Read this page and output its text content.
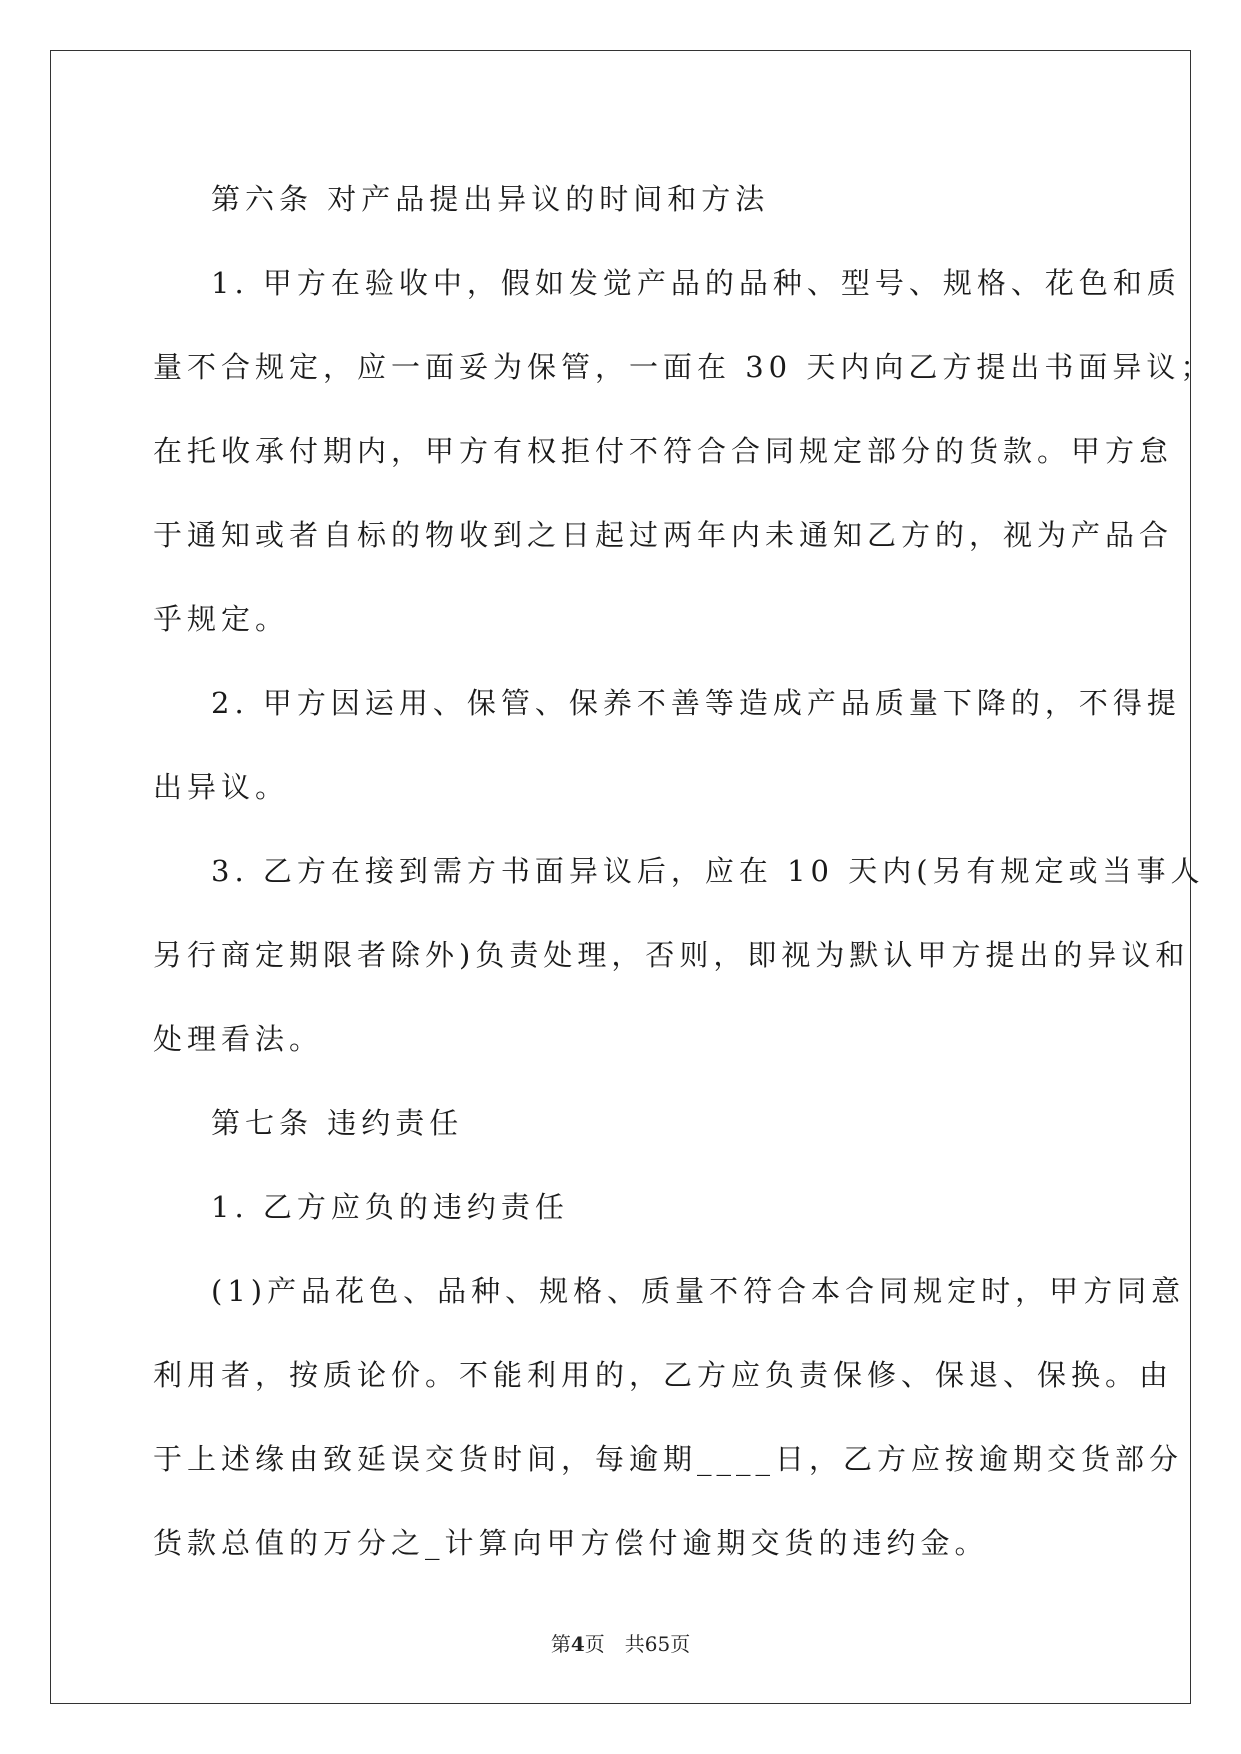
第六条 对产品提出异议的时间和方法
1. 甲方在验收中，假如发觉产品的品种、型号、规格、花色和质
量不合规定，应一面妥为保管，一面在 30 天内向乙方提出书面异议；
在托收承付期内，甲方有权拒付不符合合同规定部分的货款。甲方怠
于通知或者自标的物收到之日起过两年内未通知乙方的，视为产品合
乎规定。
2. 甲方因运用、保管、保养不善等造成产品质量下降的，不得提
出异议。
3. 乙方在接到需方书面异议后，应在 10 天内(另有规定或当事人
另行商定期限者除外)负责处理，否则，即视为默认甲方提出的异议和
处理看法。
第七条 违约责任
1. 乙方应负的违约责任
(1)产品花色、品种、规格、质量不符合本合同规定时，甲方同意
利用者，按质论价。不能利用的，乙方应负责保修、保退、保换。由
于上述缘由致延误交货时间，每逾期____日，乙方应按逾期交货部分
货款总值的万分之_计算向甲方偿付逾期交货的违约金。
第4页 共65页
